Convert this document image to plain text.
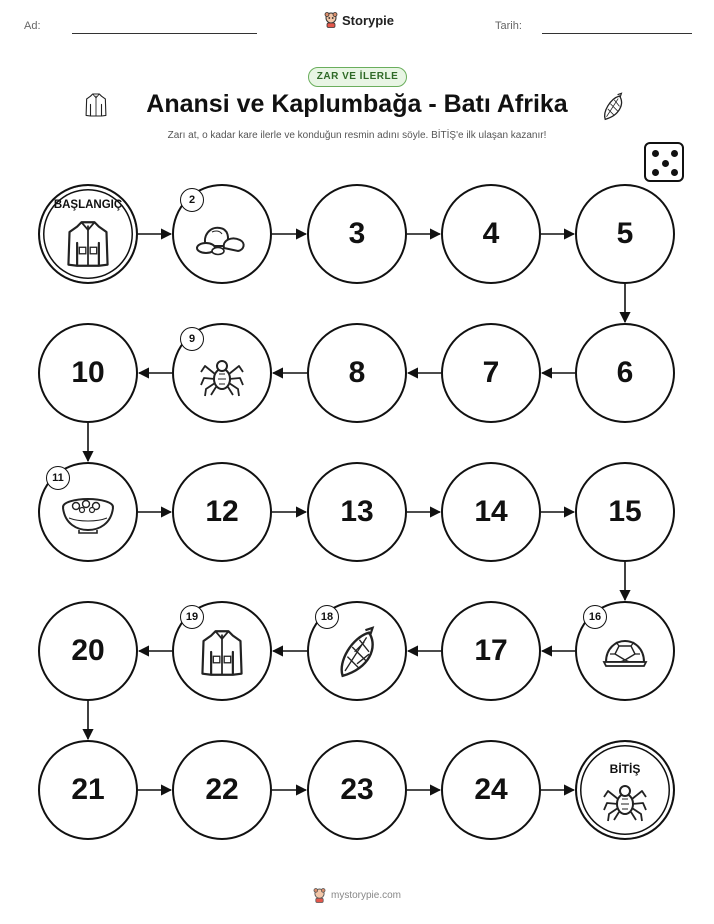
Ad:	Storypie	Tarih:
ZAR VE İLERLE
Anansi ve Kaplumbağa - Batı Afrika
Zarı at, o kadar kare ilerle ve konduğun resmin adını söyle. BİTİŞ'e ilk ulaşan kazanır!
BAŞLANGIÇ	2
3	4	5
6
7
8
9
10
11
12	13	14	15
16
17
18
19
20
21	22	23	24
BİTİŞ
mystorypie.com
